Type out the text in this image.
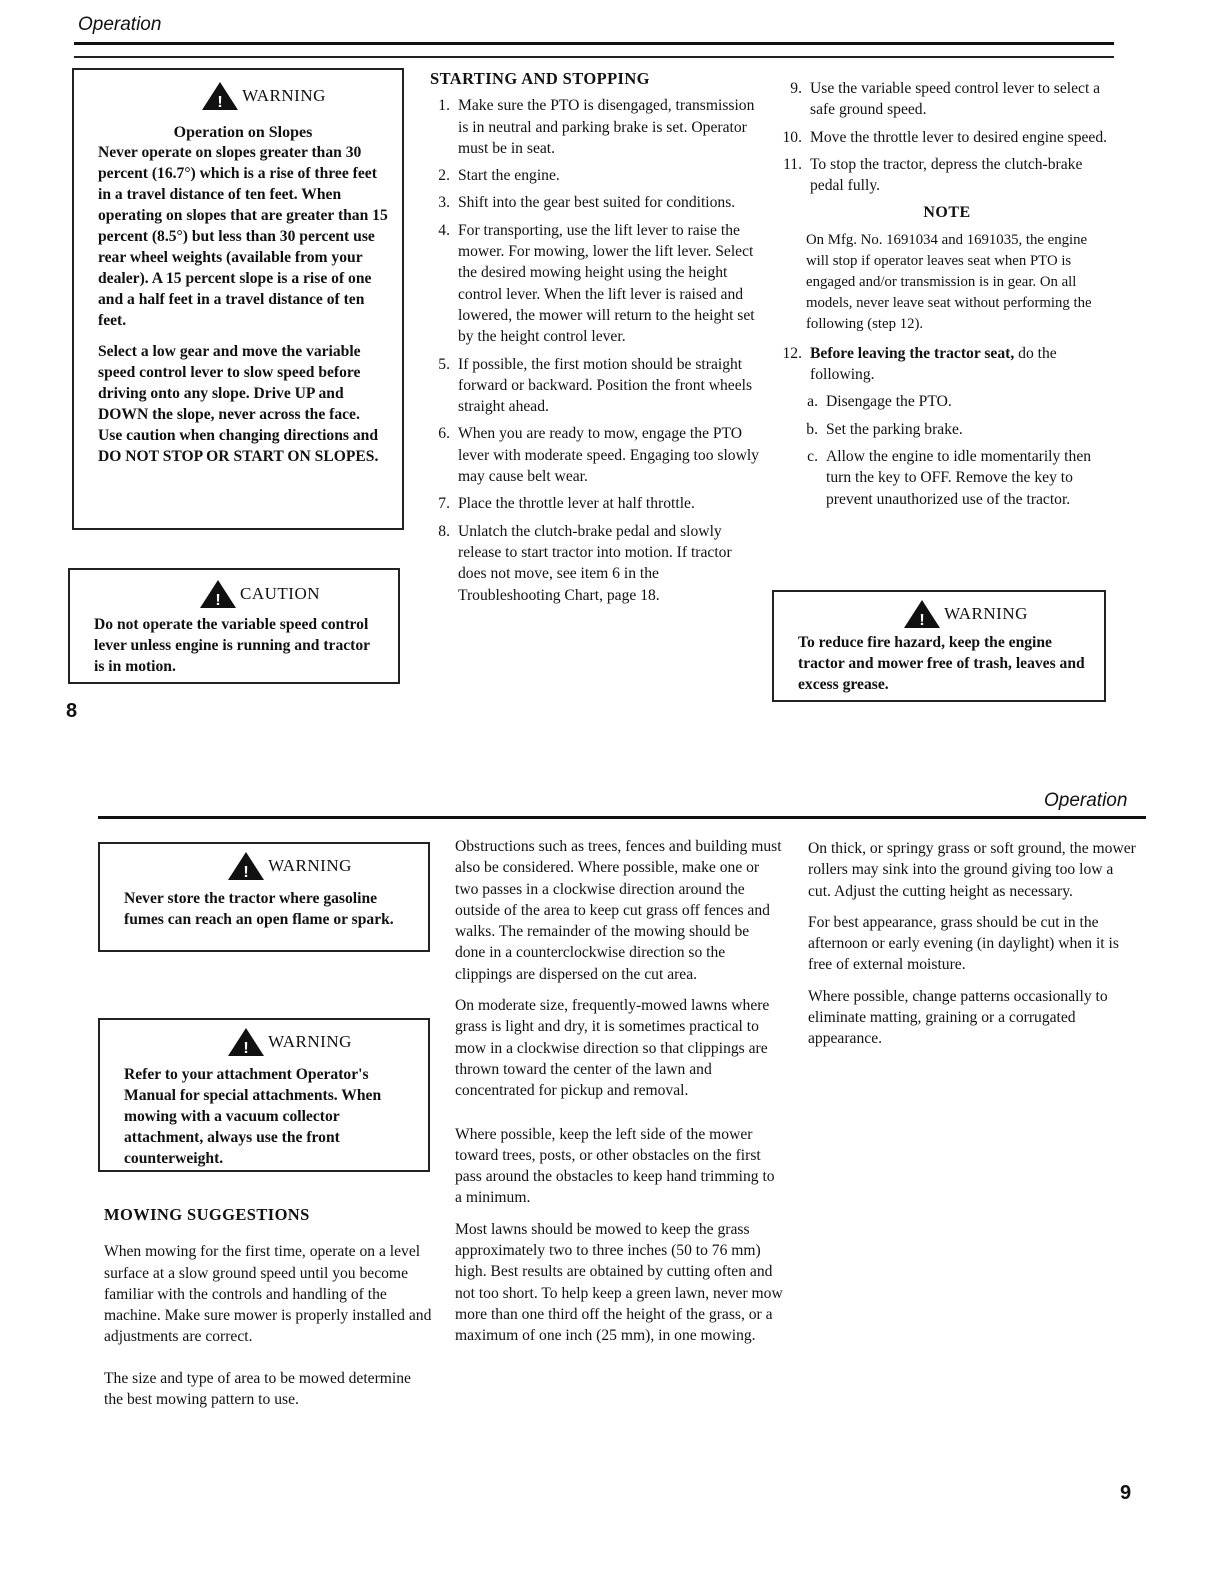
Operation
! WARNING
Operation on Slopes

Never operate on slopes greater than 30 percent (16.7°) which is a rise of three feet in a travel distance of ten feet. When operating on slopes that are greater than 15 percent (8.5°) but less than 30 percent use rear wheel weights (available from your dealer). A 15 percent slope is a rise of one and a half feet in a travel distance of ten feet.

Select a low gear and move the variable speed control lever to slow speed before driving onto any slope. Drive UP and DOWN the slope, never across the face. Use caution when changing directions and DO NOT STOP OR START ON SLOPES.

! CAUTION

Do not operate the variable speed control lever unless engine is running and tractor is in motion.

8
STARTING AND STOPPING
1. Make sure the PTO is disengaged, transmission is in neutral and parking brake is set. Operator must be in seat.
2. Start the engine.
3. Shift into the gear best suited for conditions.
4. For transporting, use the lift lever to raise the mower. For mowing, lower the lift lever. Select the desired mowing height using the height control lever. When the lift lever is raised and lowered, the mower will return to the height set by the height control lever.
5. If possible, the first motion should be straight forward or backward. Position the front wheels straight ahead.
6. When you are ready to mow, engage the PTO lever with moderate speed. Engaging too slowly may cause belt wear.
7. Place the throttle lever at half throttle.
8. Unlatch the clutch-brake pedal and slowly release to start tractor into motion. If tractor does not move, see item 6 in the Troubleshooting Chart, page 18.
9. Use the variable speed control lever to select a safe ground speed.
10. Move the throttle lever to desired engine speed.
11. To stop the tractor, depress the clutch-brake pedal fully.
NOTE
On Mfg. No. 1691034 and 1691035, the engine will stop if operator leaves seat when PTO is engaged and/or transmission is in gear. On all models, never leave seat without performing the following (step 12).
12. Before leaving the tractor seat, do the following.
a. Disengage the PTO.
b. Set the parking brake.
c. Allow the engine to idle momentarily then turn the key to OFF. Remove the key to prevent unauthorized use of the tractor.
! WARNING

To reduce fire hazard, keep the engine tractor and mower free of trash, leaves and excess grease.

Operation
! WARNING

Never store the tractor where gasoline fumes can reach an open flame or spark.

! WARNING

Refer to your attachment Operator's Manual for special attachments. When mowing with a vacuum collector attachment, always use the front counterweight.

MOWING SUGGESTIONS

When mowing for the first time, operate on a level surface at a slow ground speed until you become familiar with the controls and handling of the machine. Make sure mower is properly installed and adjustments are correct.

The size and type of area to be mowed determine the best mowing pattern to use.

Obstructions such as trees, fences and building must also be considered. Where possible, make one or two passes in a clockwise direction around the outside of the area to keep cut grass off fences and walks. The remainder of the mowing should be done in a counterclockwise direction so the clippings are dispersed on the cut area.

On moderate size, frequently-mowed lawns where grass is light and dry, it is sometimes practical to mow in a clockwise direction so that clippings are thrown toward the center of the lawn and concentrated for pickup and removal.

Where possible, keep the left side of the mower toward trees, posts, or other obstacles on the first pass around the obstacles to keep hand trimming to a minimum.

Most lawns should be mowed to keep the grass approximately two to three inches (50 to 76 mm) high. Best results are obtained by cutting often and not too short. To help keep a green lawn, never mow more than one third off the height of the grass, or a maximum of one inch (25 mm), in one mowing.

On thick, or springy grass or soft ground, the mower rollers may sink into the ground giving too low a cut. Adjust the cutting height as necessary.

For best appearance, grass should be cut in the afternoon or early evening (in daylight) when it is free of external moisture.

Where possible, change patterns occasionally to eliminate matting, graining or a corrugated appearance.

9
